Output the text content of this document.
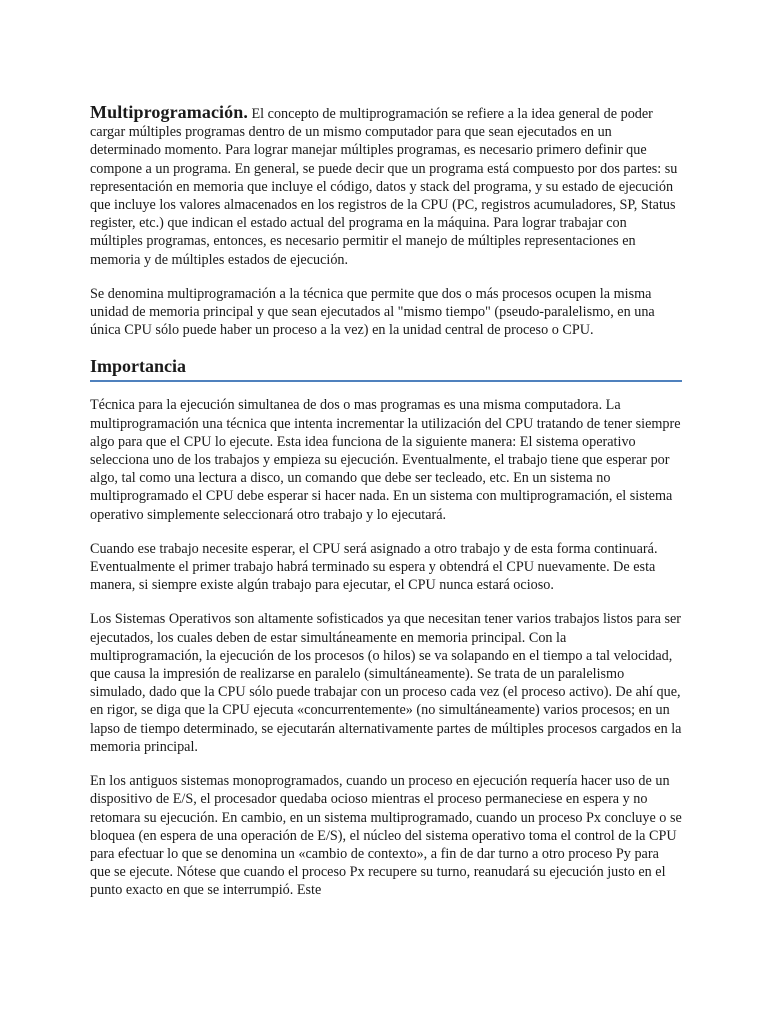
Multiprogramación. El concepto de multiprogramación se refiere a la idea general de poder cargar múltiples programas dentro de un mismo computador para que sean ejecutados en un determinado momento. Para lograr manejar múltiples programas, es necesario primero definir que compone a un programa. En general, se puede decir que un programa está compuesto por dos partes: su representación en memoria que incluye el código, datos y stack del programa, y su estado de ejecución que incluye los valores almacenados en los registros de la CPU (PC, registros acumuladores, SP, Status register, etc.) que indican el estado actual del programa en la máquina. Para lograr trabajar con múltiples programas, entonces, es necesario permitir el manejo de múltiples representaciones en memoria y de múltiples estados de ejecución.

Se denomina multiprogramación a la técnica que permite que dos o más procesos ocupen la misma unidad de memoria principal y que sean ejecutados al "mismo tiempo" (pseudo-paralelismo, en una única CPU sólo puede haber un proceso a la vez) en la unidad central de proceso o CPU.

Importancia

Técnica para la ejecución simultanea de dos o mas programas es una misma computadora. La multiprogramación una técnica que intenta incrementar la utilización del CPU tratando de tener siempre algo para que el CPU lo ejecute. Esta idea funciona de la siguiente manera: El sistema operativo selecciona uno de los trabajos y empieza su ejecución. Eventualmente, el trabajo tiene que esperar por algo, tal como una lectura a disco, un comando que debe ser tecleado, etc. En un sistema no multiprogramado el CPU debe esperar si hacer nada. En un sistema con multiprogramación, el sistema operativo simplemente seleccionará otro trabajo y lo ejecutará.

Cuando ese trabajo necesite esperar, el CPU será asignado a otro trabajo y de esta forma continuará. Eventualmente el primer trabajo habrá terminado su espera y obtendrá el CPU nuevamente. De esta manera, si siempre existe algún trabajo para ejecutar, el CPU nunca estará ocioso.

Los Sistemas Operativos son altamente sofisticados ya que necesitan tener varios trabajos listos para ser ejecutados, los cuales deben de estar simultáneamente en memoria principal. Con la multiprogramación, la ejecución de los procesos (o hilos) se va solapando en el tiempo a tal velocidad, que causa la impresión de realizarse en paralelo (simultáneamente). Se trata de un paralelismo simulado, dado que la CPU sólo puede trabajar con un proceso cada vez (el proceso activo). De ahí que, en rigor, se diga que la CPU ejecuta «concurrentemente» (no simultáneamente) varios procesos; en un lapso de tiempo determinado, se ejecutarán alternativamente partes de múltiples procesos cargados en la memoria principal.

En los antiguos sistemas monoprogramados, cuando un proceso en ejecución requería hacer uso de un dispositivo de E/S, el procesador quedaba ocioso mientras el proceso permaneciese en espera y no retomara su ejecución. En cambio, en un sistema multiprogramado, cuando un proceso Px concluye o se bloquea (en espera de una operación de E/S), el núcleo del sistema operativo toma el control de la CPU para efectuar lo que se denomina un «cambio de contexto», a fin de dar turno a otro proceso Py para que se ejecute. Nótese que cuando el proceso Px recupere su turno, reanudará su ejecución justo en el punto exacto en que se interrumpió. Este
